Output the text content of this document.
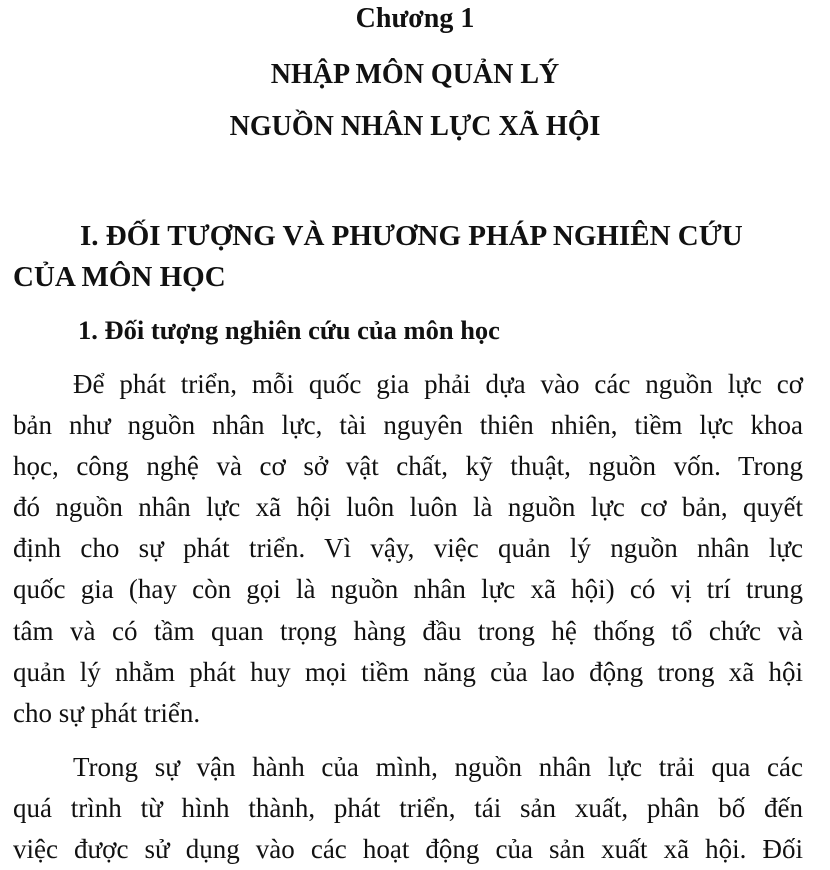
Chương 1
NHẬP MÔN QUẢN LÝ
NGUỒN NHÂN LỰC XÃ HỘI
I. ĐỐI TƯỢNG VÀ PHƯƠNG PHÁP NGHIÊN CỨU
CỦA MÔN HỌC
1. Đối tượng nghiên cứu của môn học

Để phát triển, mỗi quốc gia phải dựa vào các nguồn lực cơ
bản như nguồn nhân lực, tài nguyên thiên nhiên, tiềm lực khoa
học, công nghệ và cơ sở vật chất, kỹ thuật, nguồn vốn. Trong
đó nguồn nhân lực xã hội luôn luôn là nguồn lực cơ bản, quyết
định cho sự phát triển. Vì vậy, việc quản lý nguồn nhân lực
quốc gia (hay còn gọi là nguồn nhân lực xã hội) có vị trí trung
tâm và có tầm quan trọng hàng đầu trong hệ thống tổ chức và
quản lý nhằm phát huy mọi tiềm năng của lao động trong xã hội
cho sự phát triển.

Trong sự vận hành của mình, nguồn nhân lực trải qua các
quá trình từ hình thành, phát triển, tái sản xuất, phân bố đến
việc được sử dụng vào các hoạt động của sản xuất xã hội. Đối
